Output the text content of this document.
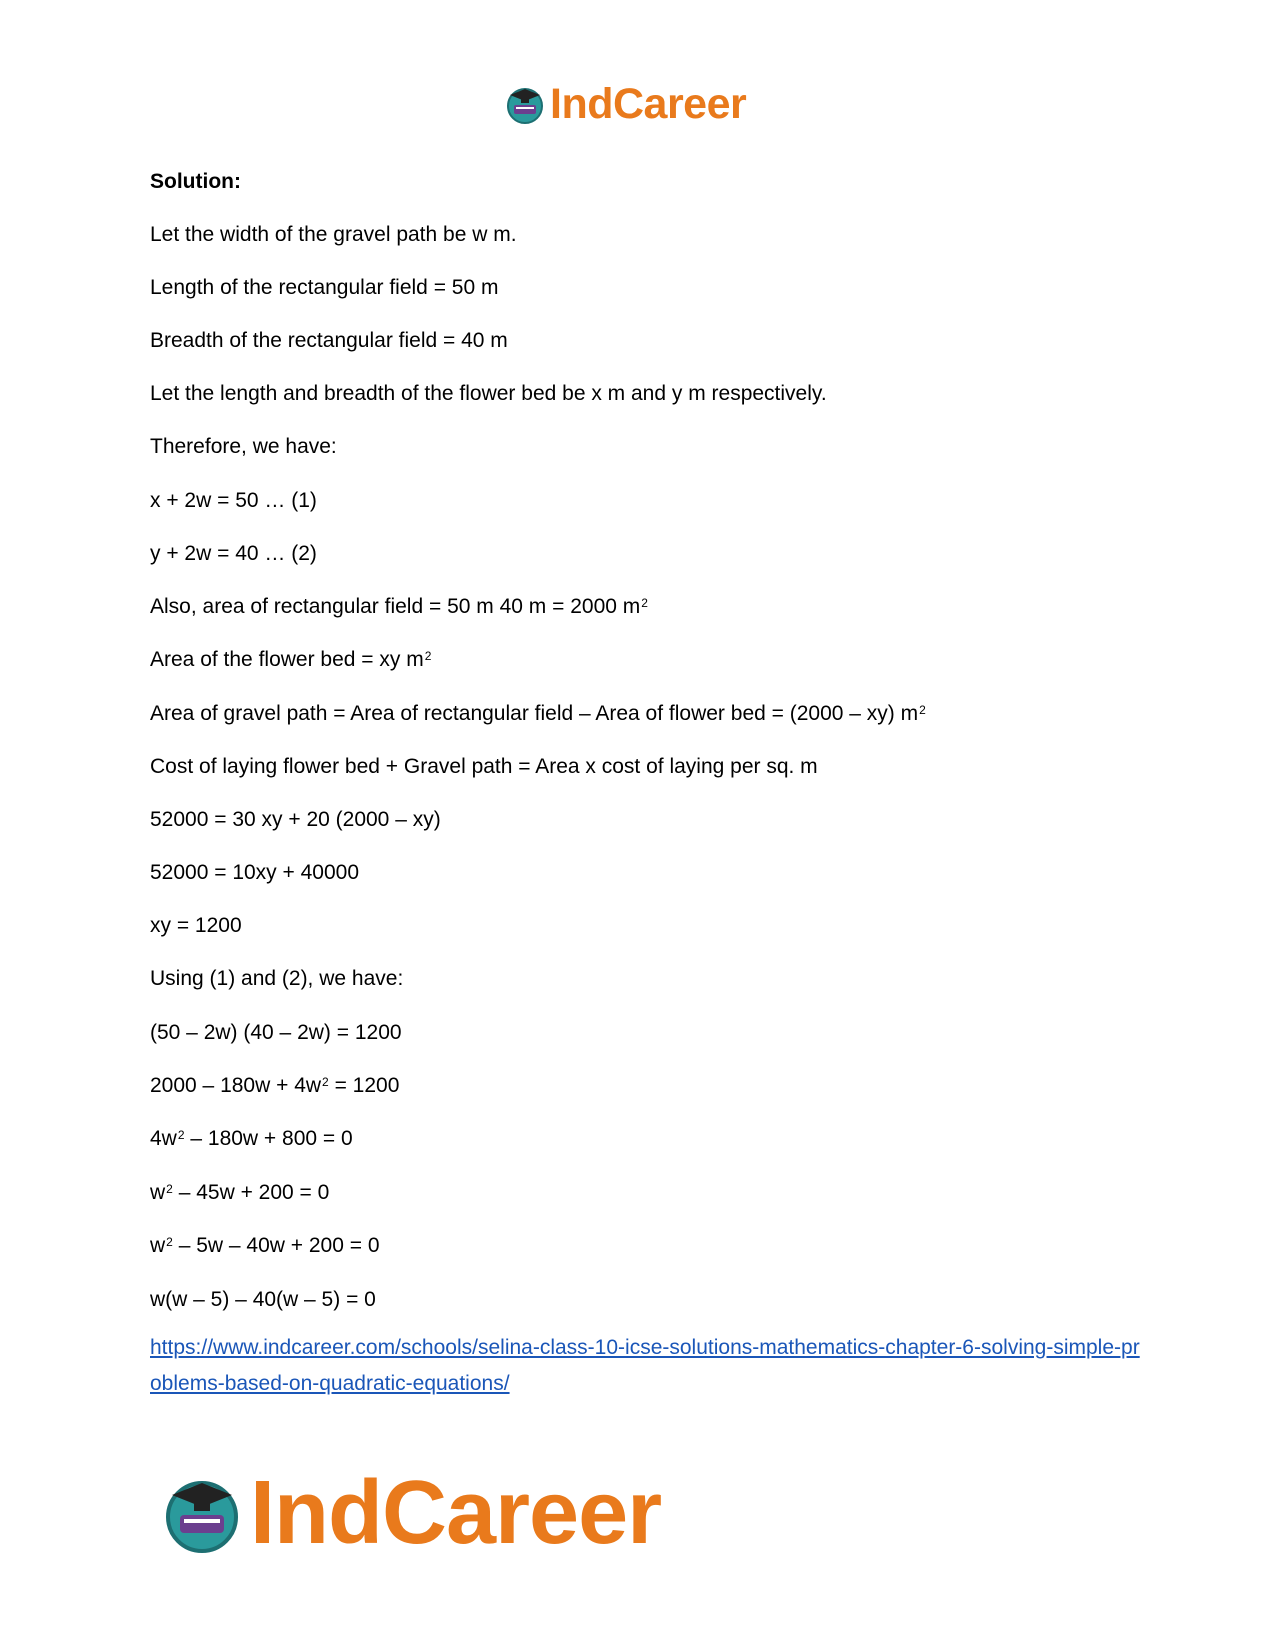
IndCareer
Solution:
Let the width of the gravel path be w m.
Length of the rectangular field = 50 m
Breadth of the rectangular field = 40 m
Let the length and breadth of the flower bed be x m and y m respectively.
Therefore, we have:
x + 2w = 50 … (1)
y + 2w = 40 … (2)
Also, area of rectangular field = 50 m 40 m = 2000 $m^2$
Area of the flower bed = xy $m^2$
Area of gravel path = Area of rectangular field – Area of flower bed = (2000 – xy) $m^2$
Cost of laying flower bed + Gravel path = Area x cost of laying per sq. m
52000 = 30 xy + 20 (2000 – xy)
52000 = 10xy + 40000
xy = 1200
Using (1) and (2), we have:
(50 – 2w) (40 – 2w) = 1200
$2000 - 180w + 4w^2 = 1200$
$4w^2 - 180w + 800 = 0$
$w^2 - 45w + 200 = 0$
$w^2 - 5w - 40w + 200 = 0$
w(w – 5) – 40(w – 5) = 0
https://www.indcareer.com/schools/selina-class-10-icse-solutions-mathematics-chapter-6-solving-simple-problems-based-on-quadratic-equations/
IndCareer
